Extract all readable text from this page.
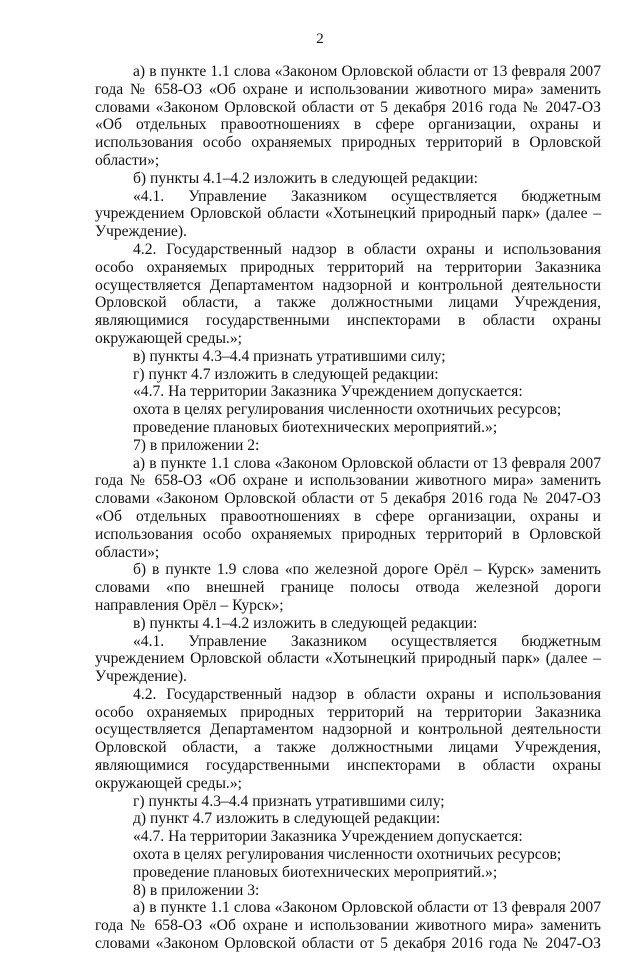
2

а) в пункте 1.1 слова «Законом Орловской области от 13 февраля 2007 года № 658-ОЗ «Об охране и использовании животного мира» заменить словами «Законом Орловской области от 5 декабря 2016 года № 2047-ОЗ «Об отдельных правоотношениях в сфере организации, охраны и использования особо охраняемых природных территорий в Орловской области»;

б) пункты 4.1–4.2 изложить в следующей редакции:

«4.1. Управление Заказником осуществляется бюджетным учреждением Орловской области «Хотынецкий природный парк» (далее – Учреждение).

4.2. Государственный надзор в области охраны и использования особо охраняемых природных территорий на территории Заказника осуществляется Департаментом надзорной и контрольной деятельности Орловской области, а также должностными лицами Учреждения, являющимися государственными инспекторами в области охраны окружающей среды.»;

в) пункты 4.3–4.4 признать утратившими силу;

г) пункт 4.7 изложить в следующей редакции:

«4.7. На территории Заказника Учреждением допускается:

охота в целях регулирования численности охотничьих ресурсов;

проведение плановых биотехнических мероприятий.»;

7) в приложении 2:

а) в пункте 1.1 слова «Законом Орловской области от 13 февраля 2007 года № 658-ОЗ «Об охране и использовании животного мира» заменить словами «Законом Орловской области от 5 декабря 2016 года № 2047-ОЗ «Об отдельных правоотношениях в сфере организации, охраны и использования особо охраняемых природных территорий в Орловской области»;

б) в пункте 1.9 слова «по железной дороге Орёл – Курск» заменить словами «по внешней границе полосы отвода железной дороги направления Орёл – Курск»;

в) пункты 4.1–4.2 изложить в следующей редакции:

«4.1. Управление Заказником осуществляется бюджетным учреждением Орловской области «Хотынецкий природный парк» (далее – Учреждение).

4.2. Государственный надзор в области охраны и использования особо охраняемых природных территорий на территории Заказника осуществляется Департаментом надзорной и контрольной деятельности Орловской области, а также должностными лицами Учреждения, являющимися государственными инспекторами в области охраны окружающей среды.»;

г) пункты 4.3–4.4 признать утратившими силу;

д) пункт 4.7 изложить в следующей редакции:

«4.7. На территории Заказника Учреждением допускается:

охота в целях регулирования численности охотничьих ресурсов;

проведение плановых биотехнических мероприятий.»;

8) в приложении 3:

а) в пункте 1.1 слова «Законом Орловской области от 13 февраля 2007 года № 658-ОЗ «Об охране и использовании животного мира» заменить словами «Законом Орловской области от 5 декабря 2016 года № 2047-ОЗ
